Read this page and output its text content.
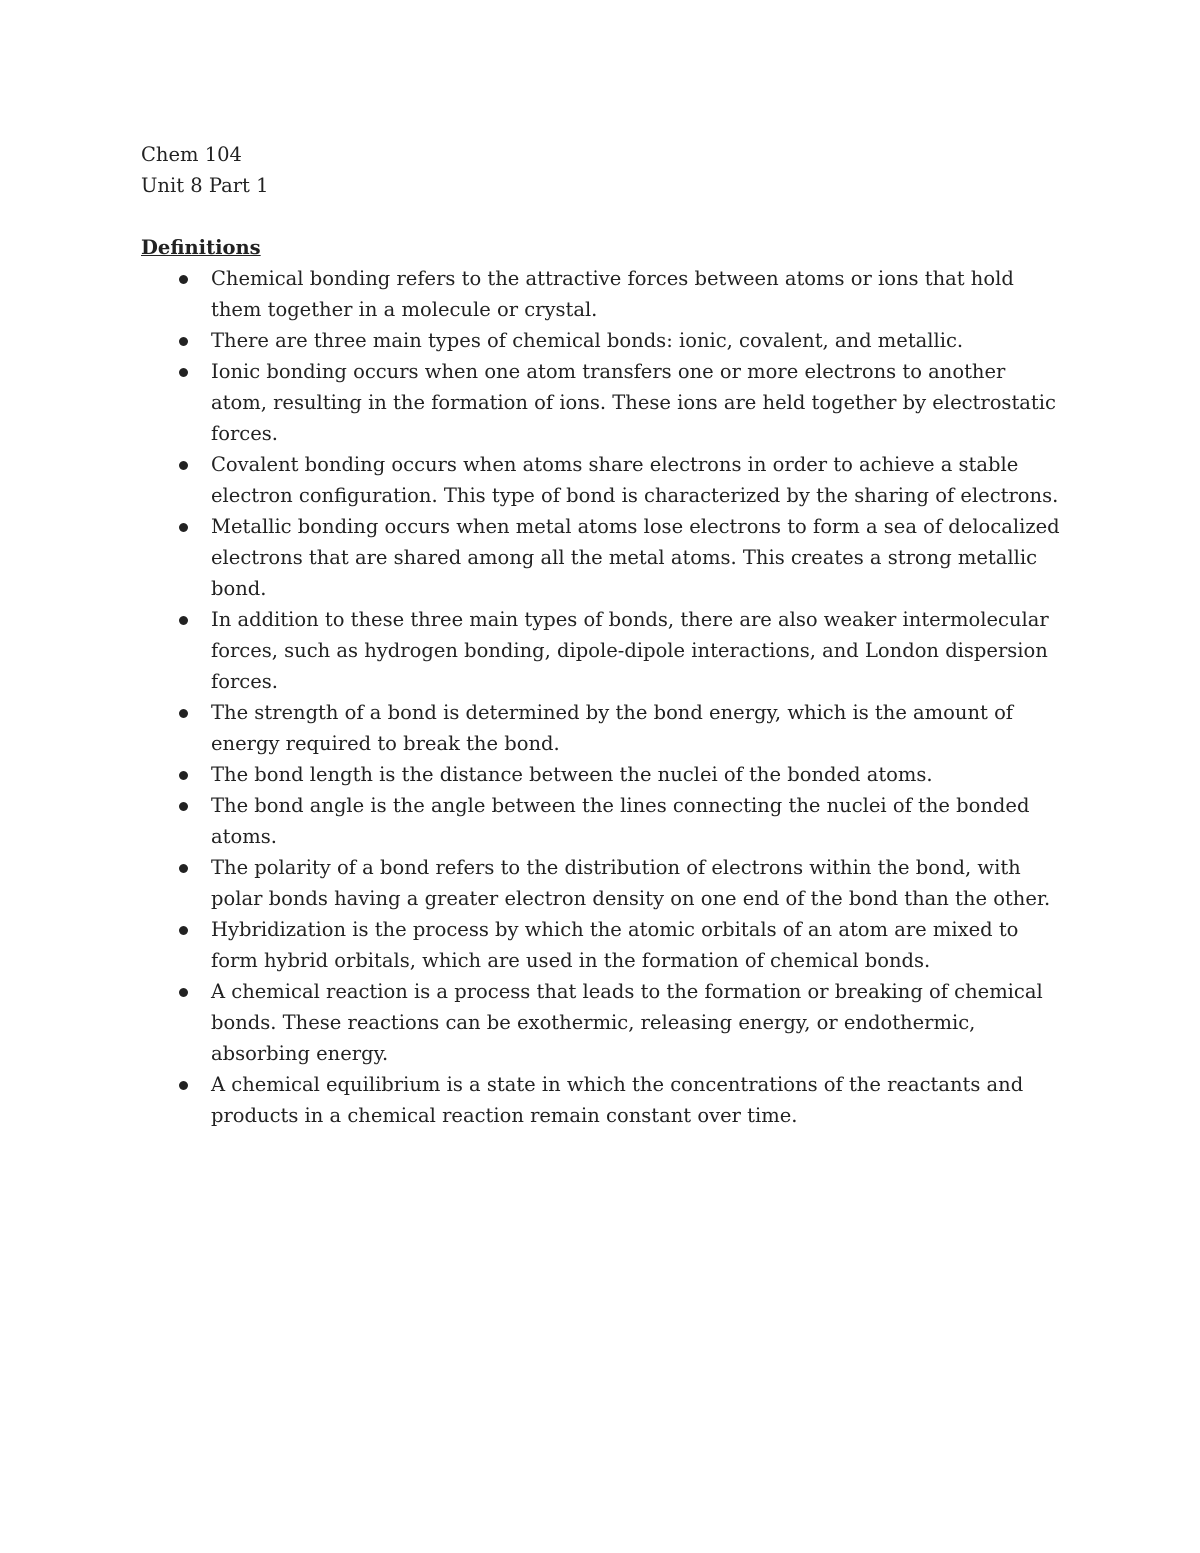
Chem 104
Unit 8 Part 1
Definitions
Chemical bonding refers to the attractive forces between atoms or ions that hold them together in a molecule or crystal.
There are three main types of chemical bonds: ionic, covalent, and metallic.
Ionic bonding occurs when one atom transfers one or more electrons to another atom, resulting in the formation of ions. These ions are held together by electrostatic forces.
Covalent bonding occurs when atoms share electrons in order to achieve a stable electron configuration. This type of bond is characterized by the sharing of electrons.
Metallic bonding occurs when metal atoms lose electrons to form a sea of delocalized electrons that are shared among all the metal atoms. This creates a strong metallic bond.
In addition to these three main types of bonds, there are also weaker intermolecular forces, such as hydrogen bonding, dipole-dipole interactions, and London dispersion forces.
The strength of a bond is determined by the bond energy, which is the amount of energy required to break the bond.
The bond length is the distance between the nuclei of the bonded atoms.
The bond angle is the angle between the lines connecting the nuclei of the bonded atoms.
The polarity of a bond refers to the distribution of electrons within the bond, with polar bonds having a greater electron density on one end of the bond than the other.
Hybridization is the process by which the atomic orbitals of an atom are mixed to form hybrid orbitals, which are used in the formation of chemical bonds.
A chemical reaction is a process that leads to the formation or breaking of chemical bonds. These reactions can be exothermic, releasing energy, or endothermic, absorbing energy.
A chemical equilibrium is a state in which the concentrations of the reactants and products in a chemical reaction remain constant over time.
